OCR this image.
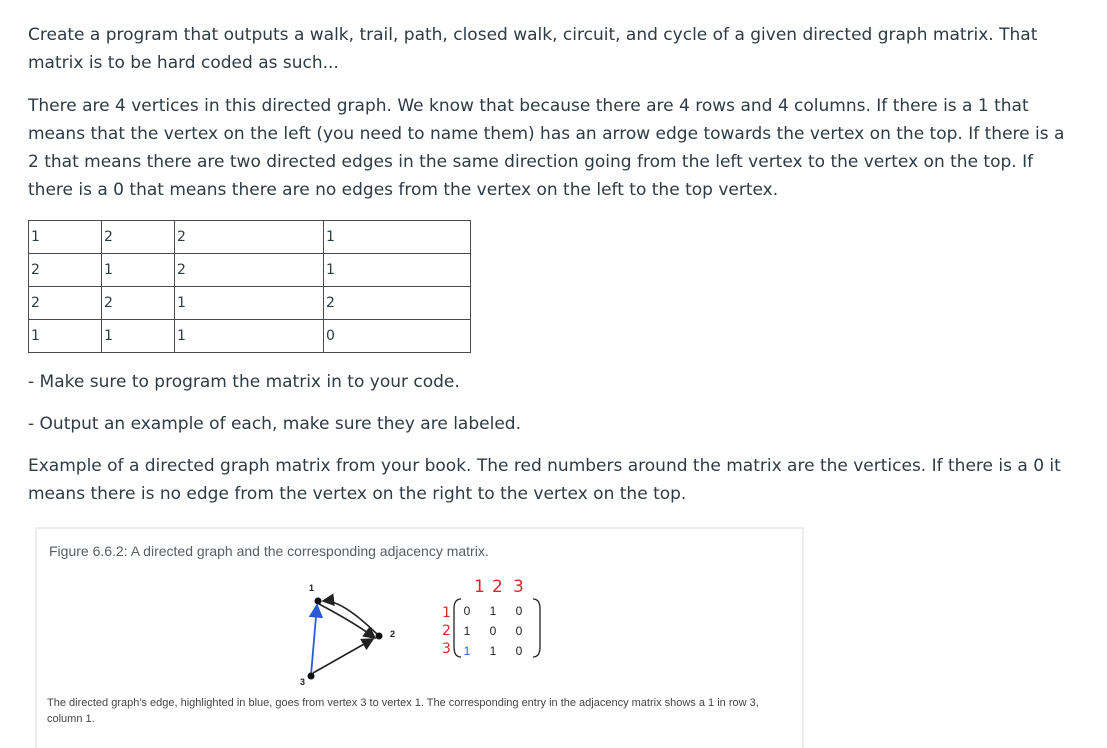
Create a program that outputs a walk, trail, path, closed walk, circuit, and cycle of a given directed graph matrix. That matrix is to be hard coded as such...

There are 4 vertices in this directed graph. We know that because there are 4 rows and 4 columns. If there is a 1 that means that the vertex on the left (you need to name them) has an arrow edge towards the vertex on the top. If there is a 2 that means there are two directed edges in the same direction going from the left vertex to the vertex on the top. If there is a 0 that means there are no edges from the vertex on the left to the top vertex.

1	2	2	1
2	1	2	1
2	2	1	2
1	1	1	0

- Make sure to program the matrix in to your code.

- Output an example of each, make sure they are labeled.

Example of a directed graph matrix from your book. The red numbers around the matrix are the vertices. If there is a 0 it means there is no edge from the vertex on the right to the vertex on the top.

Figure 6.6.2: A directed graph and the corresponding adjacency matrix.
1
2
3
1 2 3
1
2
3
0 1 0
1 0 0
1 1 0
The directed graph's edge, highlighted in blue, goes from vertex 3 to vertex 1. The corresponding entry in the adjacency matrix shows a 1 in row 3, column 1.
